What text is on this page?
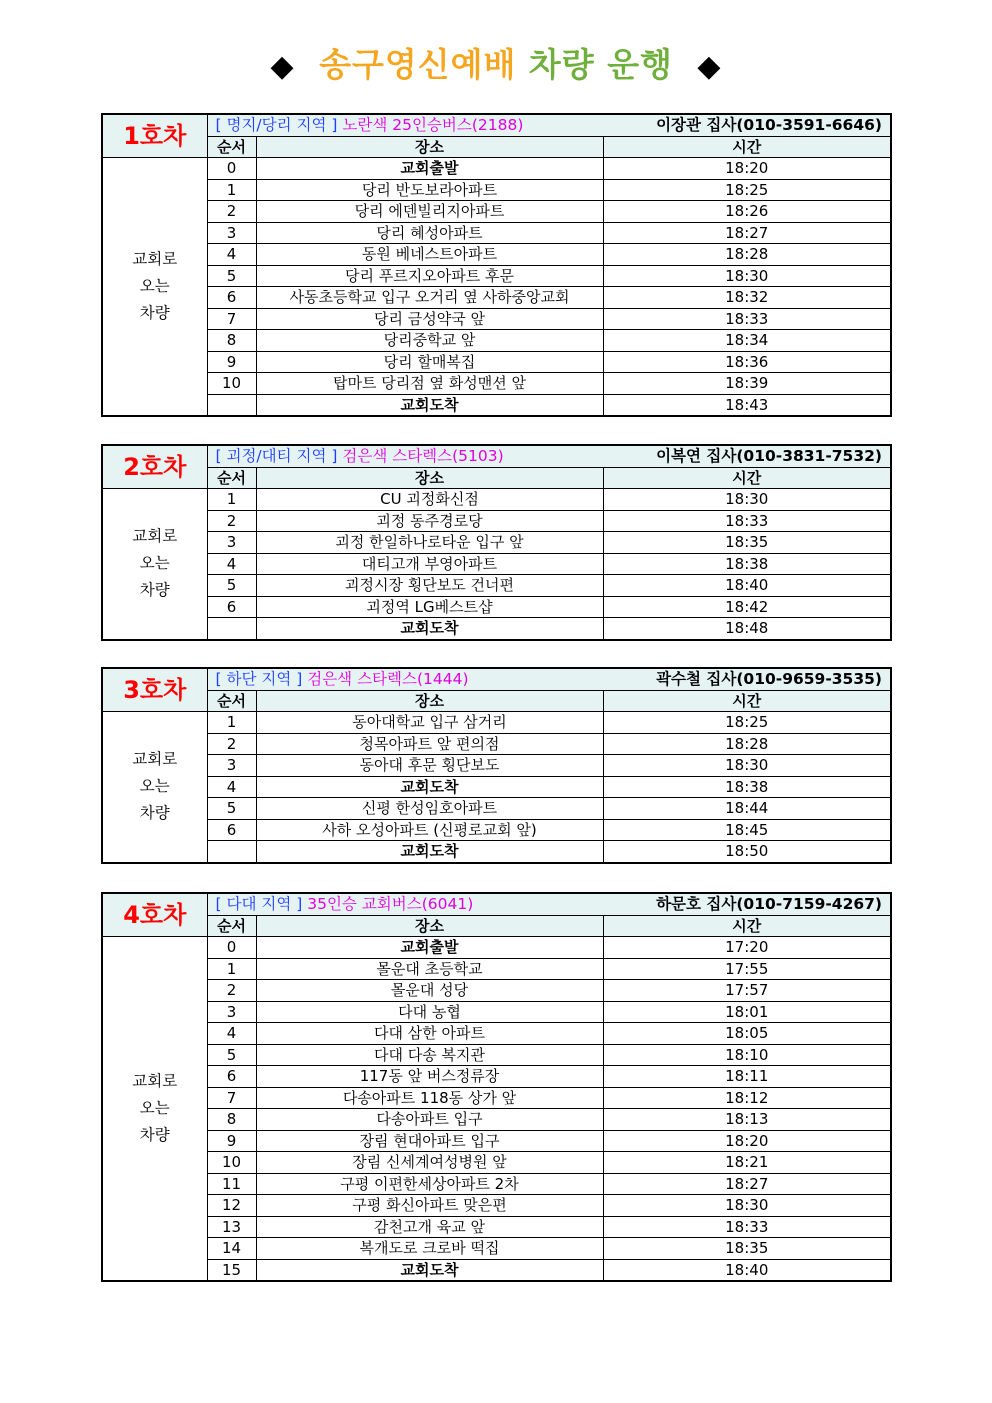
◆ 송구영신예배 차량 운행 ◆
1호차	[ 명지/당리 지역 ] 노란색 25인승버스(2188) 이장관 집사(010-3591-6646)		

	순서	장소	시간

교회로
오는
차량	0	교회출발	18:20
	1	당리 반도보라아파트	18:25
	2	당리 에덴빌리지아파트	18:26
	3	당리 혜성아파트	18:27
	4	동원 베네스트아파트	18:28
	5	당리 푸르지오아파트 후문	18:30
	6	사동초등학교 입구 오거리 옆 사하중앙교회	18:32
	7	당리 금성약국 앞	18:33
	8	당리중학교 앞	18:34
	9	당리 할매복집	18:36
	10	탑마트 당리점 옆 화성맨션 앞	18:39
		교회도착	18:43
2호차	[ 괴정/대티 지역 ] 검은색 스타렉스(5103) 이복연 집사(010-3831-7532)		

	순서	장소	시간

교회로
오는
차량	1	CU 괴정화신점	18:30
	2	괴정 동주경로당	18:33
	3	괴정 한일하나로타운 입구 앞	18:35
	4	대티고개 부영아파트	18:38
	5	괴정시장 횡단보도 건너편	18:40
	6	괴정역 LG베스트샵	18:42
		교회도착	18:48
3호차	[ 하단 지역 ] 검은색 스타렉스(1444) 곽수철 집사(010-9659-3535)		

	순서	장소	시간

교회로
오는
차량	1	동아대학교 입구 삼거리	18:25
	2	청목아파트 앞 편의점	18:28
	3	동아대 후문 횡단보도	18:30
	4	교회도착	18:38
	5	신평 한성임호아파트	18:44
	6	사하 오성아파트 (신평로교회 앞)	18:45
		교회도착	18:50
4호차	[ 다대 지역 ] 35인승 교회버스(6041) 하문호 집사(010-7159-4267)		

	순서	장소	시간

교회로
오는
차량	0	교회출발	17:20
	1	몰운대 초등학교	17:55
	2	몰운대 성당	17:57
	3	다대 농협	18:01
	4	다대 삼한 아파트	18:05
	5	다대 다송 복지관	18:10
	6	117동 앞 버스정류장	18:11
	7	다송아파트 118동 상가 앞	18:12
	8	다송아파트 입구	18:13
	9	장림 현대아파트 입구	18:20
	10	장림 신세계여성병원 앞	18:21
	11	구평 이편한세상아파트 2차	18:27
	12	구평 화신아파트 맞은편	18:30
	13	감천고개 육교 앞	18:33
	14	복개도로 크로바 떡집	18:35
	15	교회도착	18:40
